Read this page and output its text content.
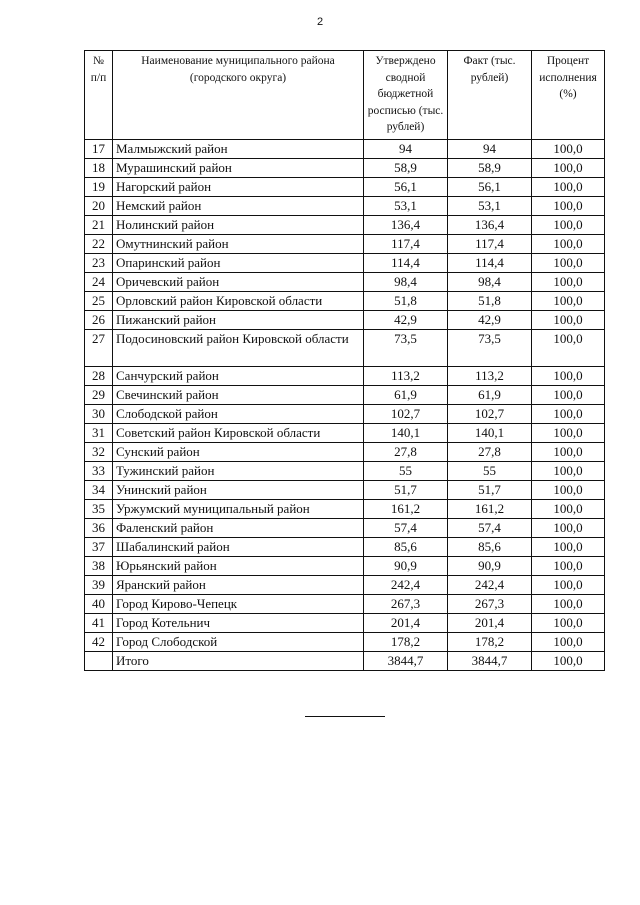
2
№ п/п	Наименование муниципального района (городского округа)	Утверждено сводной бюджетной росписью (тыс. рублей)	Факт (тыс. рублей)	Процент исполнения (%)
17	Малмыжский район	94	94	100,0
18	Мурашинский район	58,9	58,9	100,0
19	Нагорский район	56,1	56,1	100,0
20	Немский район	53,1	53,1	100,0
21	Нолинский район	136,4	136,4	100,0
22	Омутнинский район	117,4	117,4	100,0
23	Опаринский район	114,4	114,4	100,0
24	Оричевский район	98,4	98,4	100,0
25	Орловский район Кировской области	51,8	51,8	100,0
26	Пижанский район	42,9	42,9	100,0
27	Подосиновский район Кировской области	73,5	73,5	100,0
28	Санчурский район	113,2	113,2	100,0
29	Свечинский район	61,9	61,9	100,0
30	Слободской район	102,7	102,7	100,0
31	Советский район Кировской области	140,1	140,1	100,0
32	Сунский район	27,8	27,8	100,0
33	Тужинский район	55	55	100,0
34	Унинский район	51,7	51,7	100,0
35	Уржумский муниципальный район	161,2	161,2	100,0
36	Фаленский район	57,4	57,4	100,0
37	Шабалинский район	85,6	85,6	100,0
38	Юрьянский район	90,9	90,9	100,0
39	Яранский район	242,4	242,4	100,0
40	Город Кирово-Чепецк	267,3	267,3	100,0
41	Город Котельнич	201,4	201,4	100,0
42	Город Слободской	178,2	178,2	100,0
	Итого	3844,7	3844,7	100,0
